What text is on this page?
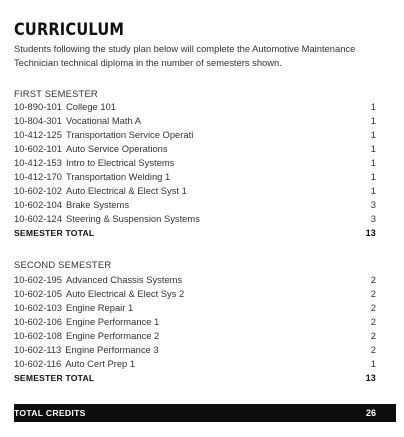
CURRICULUM
Students following the study plan below will complete the Automotive Maintenance Technician technical diploma in the number of semesters shown.
FIRST SEMESTER
10-890-101 College 101	1
10-804-301 Vocational Math A	1
10-412-125 Transportation Service Operati	1
10-602-101 Auto Service Operations	1
10-412-153 Intro to Electrical Systems	1
10-412-170 Transportation Welding 1	1
10-602-102 Auto Electrical & Elect Syst 1	1
10-602-104 Brake Systems	3
10-602-124 Steering & Suspension Systems	3
SEMESTER TOTAL	13
SECOND SEMESTER
10-602-195 Advanced Chassis Systems	2
10-602-105 Auto Electrical & Elect Sys 2	2
10-602-103 Engine Repair 1	2
10-602-106 Engine Performance 1	2
10-602-108 Engine Performance 2	2
10-602-113 Engine Performance 3	2
10-602-116 Auto Cert Prep 1	1
SEMESTER TOTAL	13
TOTAL CREDITS	26
